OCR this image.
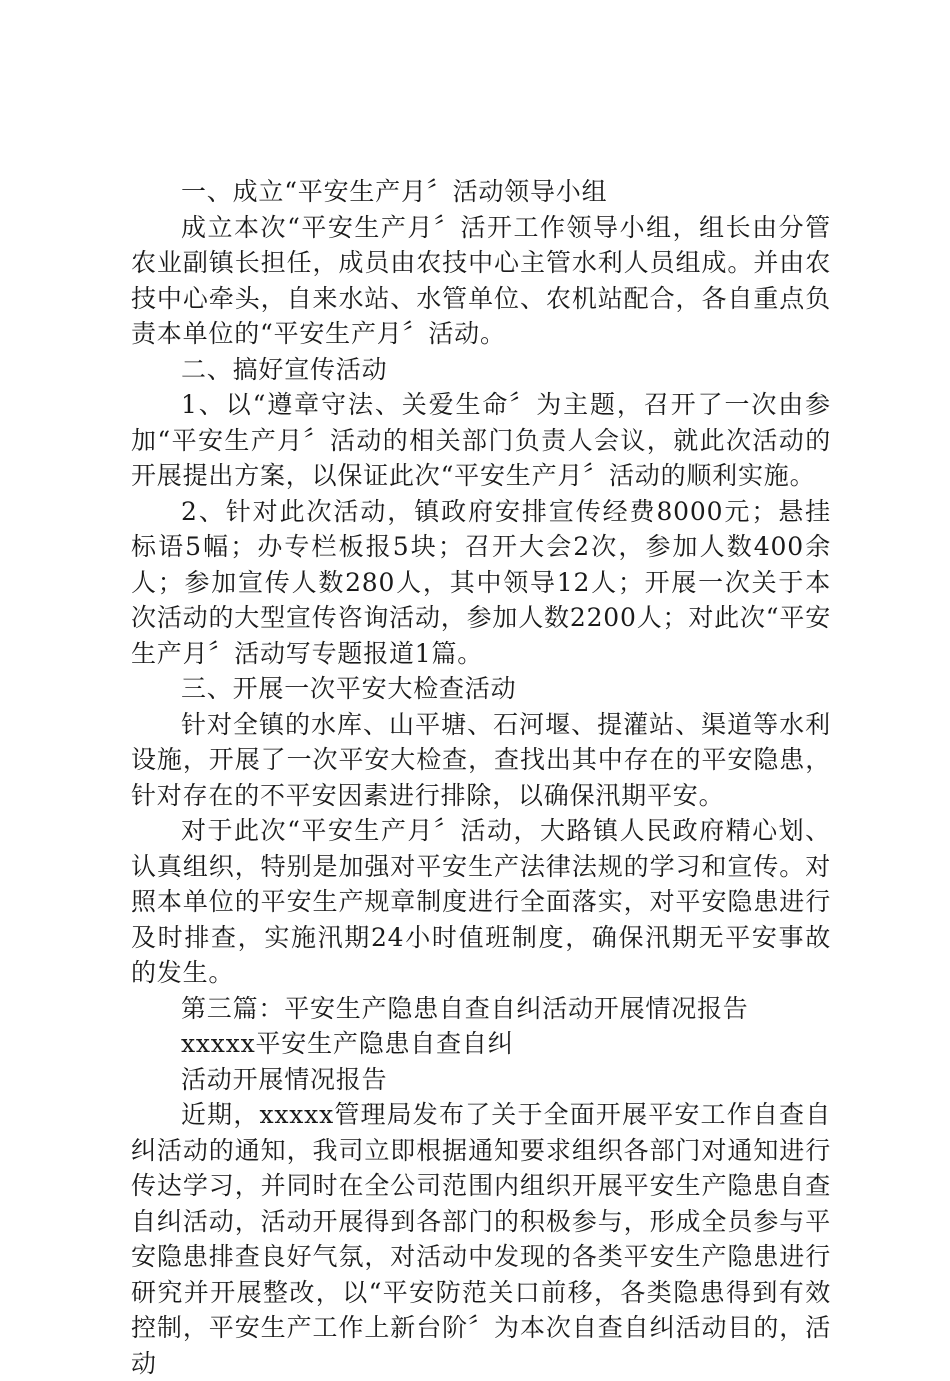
一、成立“平安生产月〞活动领导小组

成立本次“平安生产月〞活开工作领导小组，组长由分管农业副镇长担任，成员由农技中心主管水利人员组成。并由农技中心牵头，自来水站、水管单位、农机站配合，各自重点负责本单位的“平安生产月〞活动。

二、搞好宣传活动

1、以“遵章守法、关爱生命〞为主题，召开了一次由参加“平安生产月〞活动的相关部门负责人会议，就此次活动的开展提出方案，以保证此次“平安生产月〞活动的顺利实施。

2、针对此次活动，镇政府安排宣传经费8000元；悬挂标语5幅；办专栏板报5块；召开大会2次，参加人数400余人；参加宣传人数280人，其中领导12人；开展一次关于本次活动的大型宣传咨询活动，参加人数2200人；对此次“平安生产月〞活动写专题报道1篇。

三、开展一次平安大检查活动

针对全镇的水库、山平塘、石河堰、提灌站、渠道等水利设施，开展了一次平安大检查，查找出其中存在的平安隐患，针对存在的不平安因素进行排除，以确保汛期平安。

对于此次“平安生产月〞活动，大路镇人民政府精心划、认真组织，特别是加强对平安生产法律法规的学习和宣传。对照本单位的平安生产规章制度进行全面落实，对平安隐患进行及时排查，实施汛期24小时值班制度，确保汛期无平安事故的发生。

第三篇：平安生产隐患自查自纠活动开展情况报告

xxxxx平安生产隐患自查自纠

活动开展情况报告

近期，xxxxx管理局发布了关于全面开展平安工作自查自纠活动的通知，我司立即根据通知要求组织各部门对通知进行传达学习，并同时在全公司范围内组织开展平安生产隐患自查自纠活动，活动开展得到各部门的积极参与，形成全员参与平安隐患排查良好气氛，对活动中发现的各类平安生产隐患进行研究并开展整改，以“平安防范关口前移，各类隐患得到有效控制，平安生产工作上新台阶〞为本次自查自纠活动目的，活动
